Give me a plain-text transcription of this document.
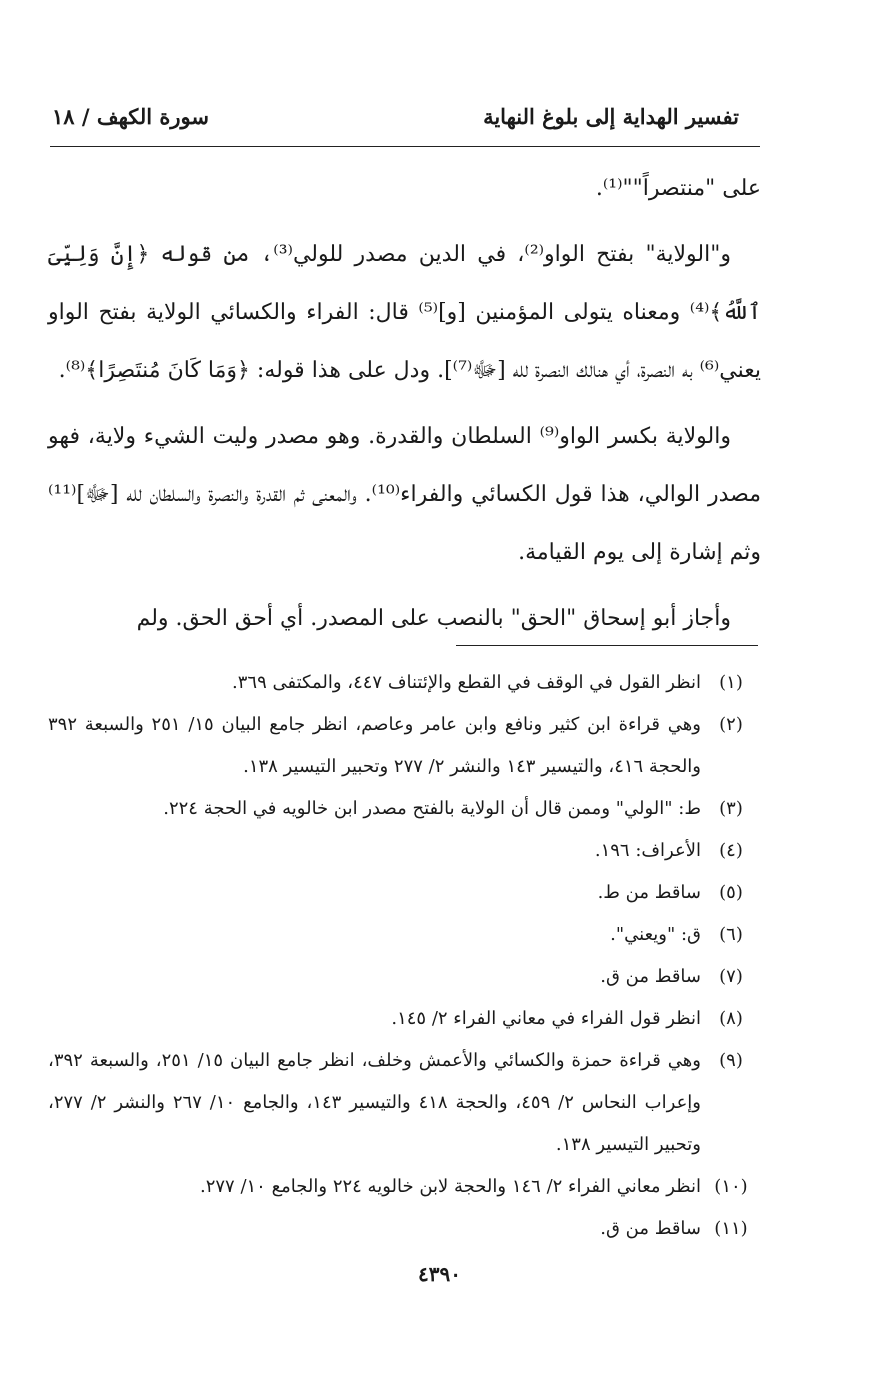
تفسير الهداية إلى بلوغ النهاية
سورة الكهف / ١٨

على "منتصراً""⁽¹⁾.

و"الولاية" بفتح الواو⁽²⁾، في الدين مصدر للولي⁽³⁾، من قوله ﴿إِنَّ وَلِيِّىَ ٱللَّهُ﴾⁽⁴⁾ ومعناه يتولى المؤمنين [و]⁽⁵⁾ قال: الفراء والكسائي الولاية بفتح الواو يعني⁽⁶⁾ به النصرة، أي هنالك النصرة لله [ﷻ⁽⁷⁾]. ودل على هذا قوله: ﴿وَمَا كَانَ مُنتَصِرًا﴾⁽⁸⁾.

والولاية بكسر الواو⁽⁹⁾ السلطان والقدرة. وهو مصدر وليت الشيء ولاية، فهو مصدر الوالي، هذا قول الكسائي والفراء⁽¹⁰⁾. والمعنى ثم القدرة والنصرة والسلطان لله [ﷻ]⁽¹¹⁾ وثم إشارة إلى يوم القيامة.

وأجاز أبو إسحاق "الحق" بالنصب على المصدر. أي أحق الحق. ولم

(١)
انظر القول في الوقف في القطع والإئتناف ٤٤٧، والمكتفى ٣٦٩.
(٢)
وهي قراءة ابن كثير ونافع وابن عامر وعاصم، انظر جامع البيان ١٥/ ٢٥١ والسبعة ٣٩٢ والحجة ٤١٦، والتيسير ١٤٣ والنشر ٢/ ٢٧٧ وتحبير التيسير ١٣٨.
(٣)
ط: "الولي" وممن قال أن الولاية بالفتح مصدر ابن خالويه في الحجة ٢٢٤.
(٤)
الأعراف: ١٩٦.
(٥)
ساقط من ط.
(٦)
ق: "ويعني".
(٧)
ساقط من ق.
(٨)
انظر قول الفراء في معاني الفراء ٢/ ١٤٥.
(٩)
وهي قراءة حمزة والكسائي والأعمش وخلف، انظر جامع البيان ١٥/ ٢٥١، والسبعة ٣٩٢، وإعراب النحاس ٢/ ٤٥٩، والحجة ٤١٨ والتيسير ١٤٣، والجامع ١٠/ ٢٦٧ والنشر ٢/ ٢٧٧، وتحبير التيسير ١٣٨.
(١٠)
انظر معاني الفراء ٢/ ١٤٦ والحجة لابن خالويه ٢٢٤ والجامع ١٠/ ٢٧٧.
(١١)
ساقط من ق.
٤٣٩٠
